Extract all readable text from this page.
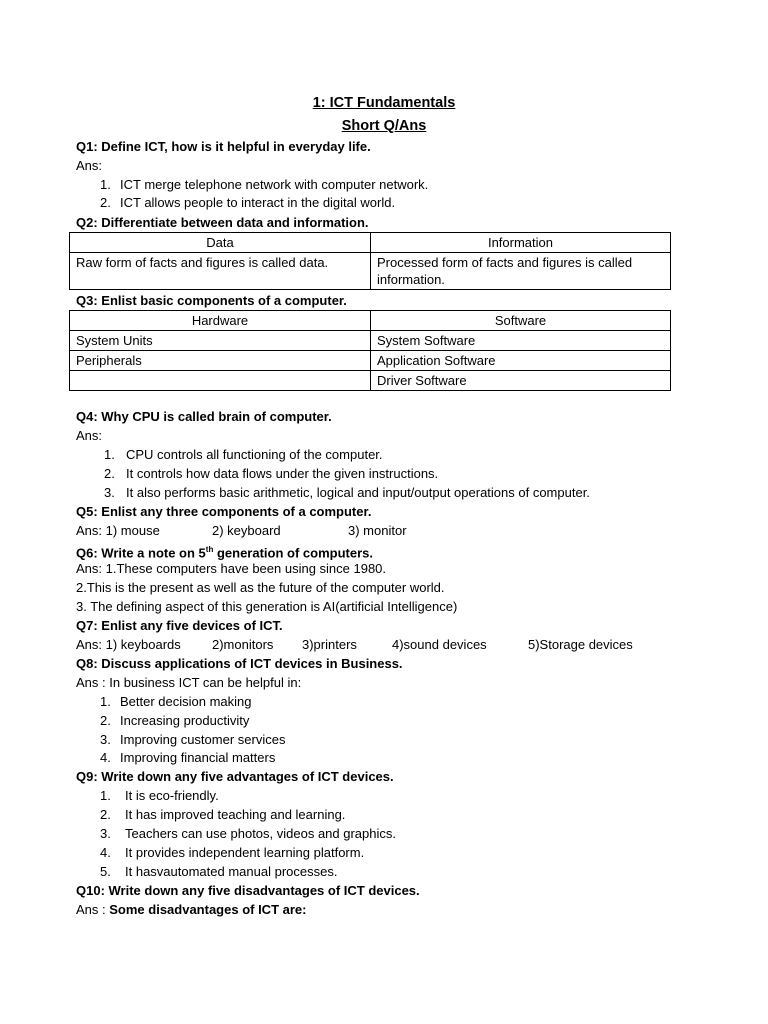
1: ICT Fundamentals
Short Q/Ans
Q1: Define ICT, how is it helpful in everyday life.
Ans:
1. ICT merge telephone network with computer network.
2. ICT allows people to interact in the digital world.
Q2: Differentiate between data and information.
Data	Information
Raw form of facts and figures is called data.	Processed form of facts and figures is called information.
Q3: Enlist basic components of a computer.
Hardware	Software
System Units	System Software
Peripherals	Application Software
	Driver Software
Q4: Why CPU is called brain of computer.
Ans:
1. CPU controls all functioning of the computer.
2. It controls how data flows under the given instructions.
3. It also performs basic arithmetic, logical and input/output operations of computer.
Q5: Enlist any three components of a computer.
Ans: 1) mouse	2) keyboard	3) monitor
Q6: Write a note on 5th generation of computers.
Ans: 1.These computers have been using since 1980.
2.This is the present as well as the future of the computer world.
3. The defining aspect of this generation is AI(artificial Intelligence)
Q7: Enlist any five devices of ICT.
Ans: 1) keyboards 2)monitors 3)printers	4)sound devices	5)Storage devices
Q8: Discuss applications of ICT devices in Business.
Ans : In business ICT can be helpful in:
1. Better decision making
2. Increasing productivity
3. Improving customer services
4. Improving financial matters
Q9: Write down any five advantages of ICT devices.
1. It is eco-friendly.
2. It has improved teaching and learning.
3. Teachers can use photos, videos and graphics.
4. It provides independent learning platform.
5. It hasvautomated manual processes.
Q10: Write down any five disadvantages of ICT devices.
Ans : Some disadvantages of ICT are:
